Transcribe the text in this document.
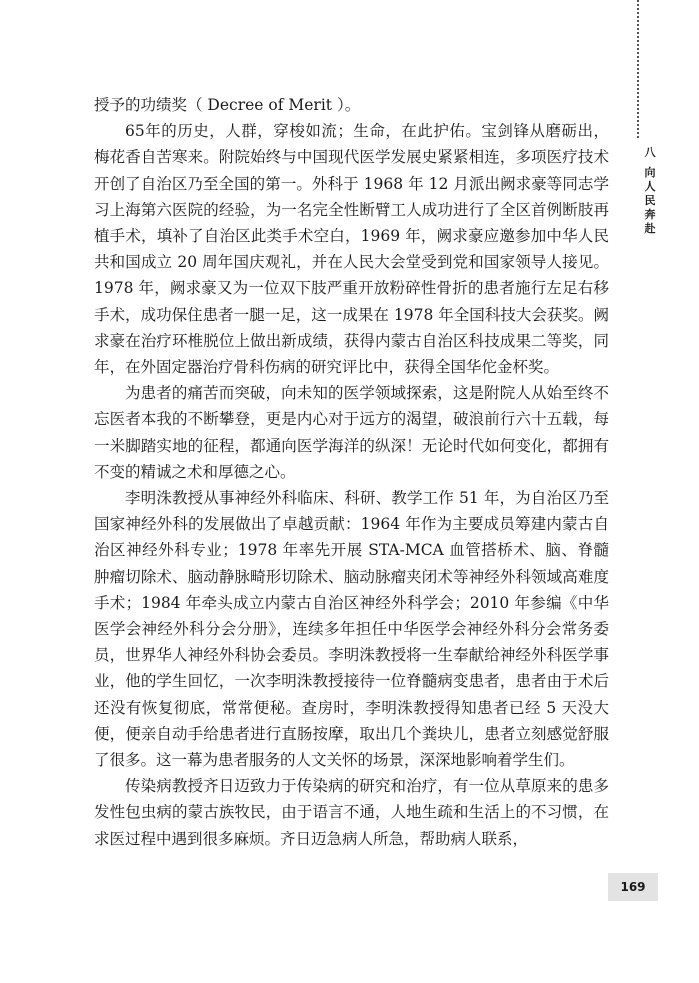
八
向人民奔赴

授予的功绩奖（ Decree of Merit ）。

65年的历史，人群，穿梭如流；生命，在此护佑。宝剑锋从磨砺出，梅花香自苦寒来。附院始终与中国现代医学发展史紧紧相连，多项医疗技术开创了自治区乃至全国的第一。外科于 1968 年 12 月派出阙求豪等同志学习上海第六医院的经验，为一名完全性断臂工人成功进行了全区首例断肢再植手术，填补了自治区此类手术空白，1969 年，阙求豪应邀参加中华人民共和国成立 20 周年国庆观礼，并在人民大会堂受到党和国家领导人接见。1978 年，阙求豪又为一位双下肢严重开放粉碎性骨折的患者施行左足右移手术，成功保住患者一腿一足，这一成果在 1978 年全国科技大会获奖。阙求豪在治疗环椎脱位上做出新成绩，获得内蒙古自治区科技成果二等奖，同年，在外固定器治疗骨科伤病的研究评比中，获得全国华佗金杯奖。

为患者的痛苦而突破，向未知的医学领域探索，这是附院人从始至终不忘医者本我的不断攀登，更是内心对于远方的渴望，破浪前行六十五载，每一米脚踏实地的征程，都通向医学海洋的纵深！无论时代如何变化，都拥有不变的精诚之术和厚德之心。

李明洙教授从事神经外科临床、科研、教学工作 51 年，为自治区乃至国家神经外科的发展做出了卓越贡献：1964 年作为主要成员筹建内蒙古自治区神经外科专业；1978 年率先开展 STA-MCA 血管搭桥术、脑、脊髓肿瘤切除术、脑动静脉畸形切除术、脑动脉瘤夹闭术等神经外科领域高难度手术；1984 年牵头成立内蒙古自治区神经外科学会；2010 年参编《中华医学会神经外科分会分册》，连续多年担任中华医学会神经外科分会常务委员，世界华人神经外科协会委员。李明洙教授将一生奉献给神经外科医学事业，他的学生回忆，一次李明洙教授接待一位脊髓病变患者，患者由于术后还没有恢复彻底，常常便秘。查房时，李明洙教授得知患者已经 5 天没大便，便亲自动手给患者进行直肠按摩，取出几个粪块儿，患者立刻感觉舒服了很多。这一幕为患者服务的人文关怀的场景，深深地影响着学生们。

传染病教授齐日迈致力于传染病的研究和治疗，有一位从草原来的患多发性包虫病的蒙古族牧民，由于语言不通，人地生疏和生活上的不习惯，在求医过程中遇到很多麻烦。齐日迈急病人所急，帮助病人联系，

169
